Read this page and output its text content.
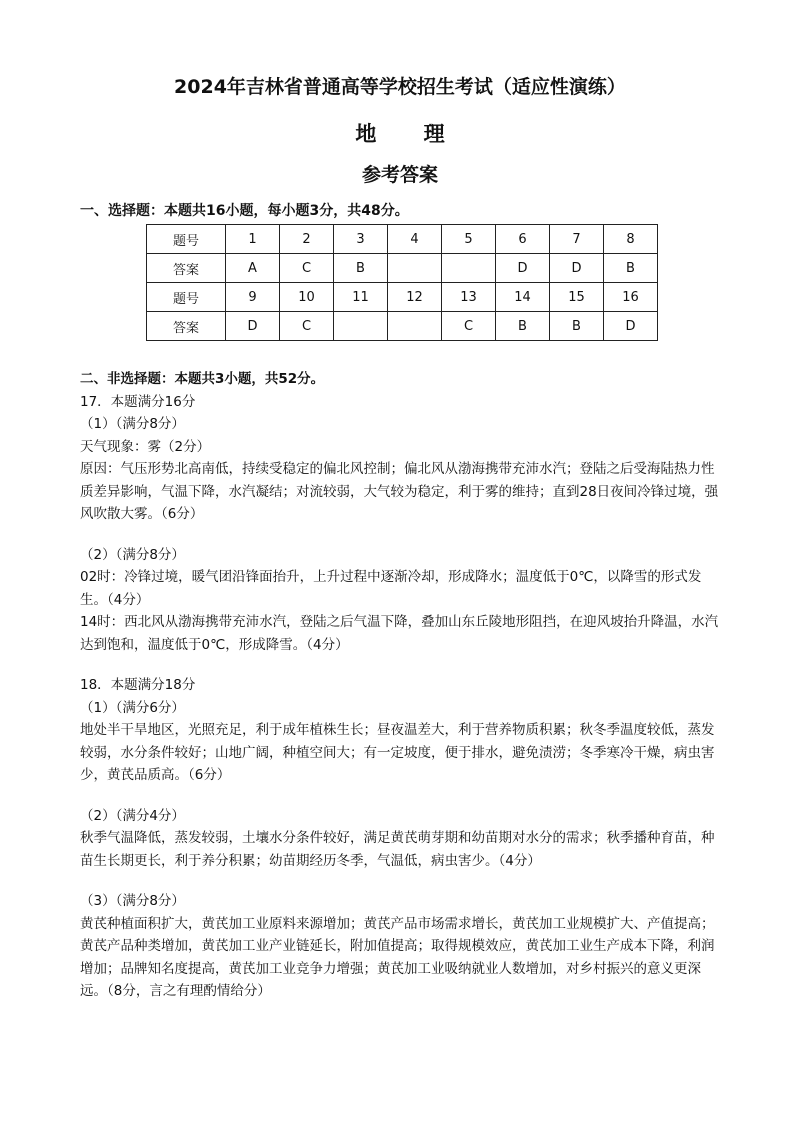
2024年吉林省普通高等学校招生考试（适应性演练）
地 理
参考答案
一、选择题：本题共16小题，每小题3分，共48分。
题号	1	2	3	4	5	6	7	8
答案	A	C	B			D	D	B
题号	9	10	11	12	13	14	15	16
答案	D	C			C	B	B	D

二、非选择题：本题共3小题，共52分。

17．本题满分16分

（1）（满分8分）

天气现象：雾（2分）

原因：气压形势北高南低，持续受稳定的偏北风控制；偏北风从渤海携带充沛水汽；登陆之后受海陆热力性质差异影响，气温下降，水汽凝结；对流较弱，大气较为稳定，利于雾的维持；直到28日夜间冷锋过境，强风吹散大雾。（6分）

（2）（满分8分）

02时：冷锋过境，暖气团沿锋面抬升，上升过程中逐渐冷却，形成降水；温度低于0℃，以降雪的形式发生。（4分）

14时：西北风从渤海携带充沛水汽，登陆之后气温下降，叠加山东丘陵地形阻挡，在迎风坡抬升降温，水汽达到饱和，温度低于0℃，形成降雪。（4分）

18．本题满分18分

（1）（满分6分）

地处半干旱地区，光照充足，利于成年植株生长；昼夜温差大，利于营养物质积累；秋冬季温度较低，蒸发较弱，水分条件较好；山地广阔，种植空间大；有一定坡度，便于排水，避免渍涝；冬季寒冷干燥，病虫害少，黄芪品质高。（6分）

（2）（满分4分）

秋季气温降低，蒸发较弱，土壤水分条件较好，满足黄芪萌芽期和幼苗期对水分的需求；秋季播种育苗，种苗生长期更长，利于养分积累；幼苗期经历冬季，气温低，病虫害少。（4分）

（3）（满分8分）

黄芪种植面积扩大，黄芪加工业原料来源增加；黄芪产品市场需求增长，黄芪加工业规模扩大、产值提高；黄芪产品种类增加，黄芪加工业产业链延长，附加值提高；取得规模效应，黄芪加工业生产成本下降，利润增加；品牌知名度提高，黄芪加工业竞争力增强；黄芪加工业吸纳就业人数增加，对乡村振兴的意义更深远。（8分，言之有理酌情给分）
